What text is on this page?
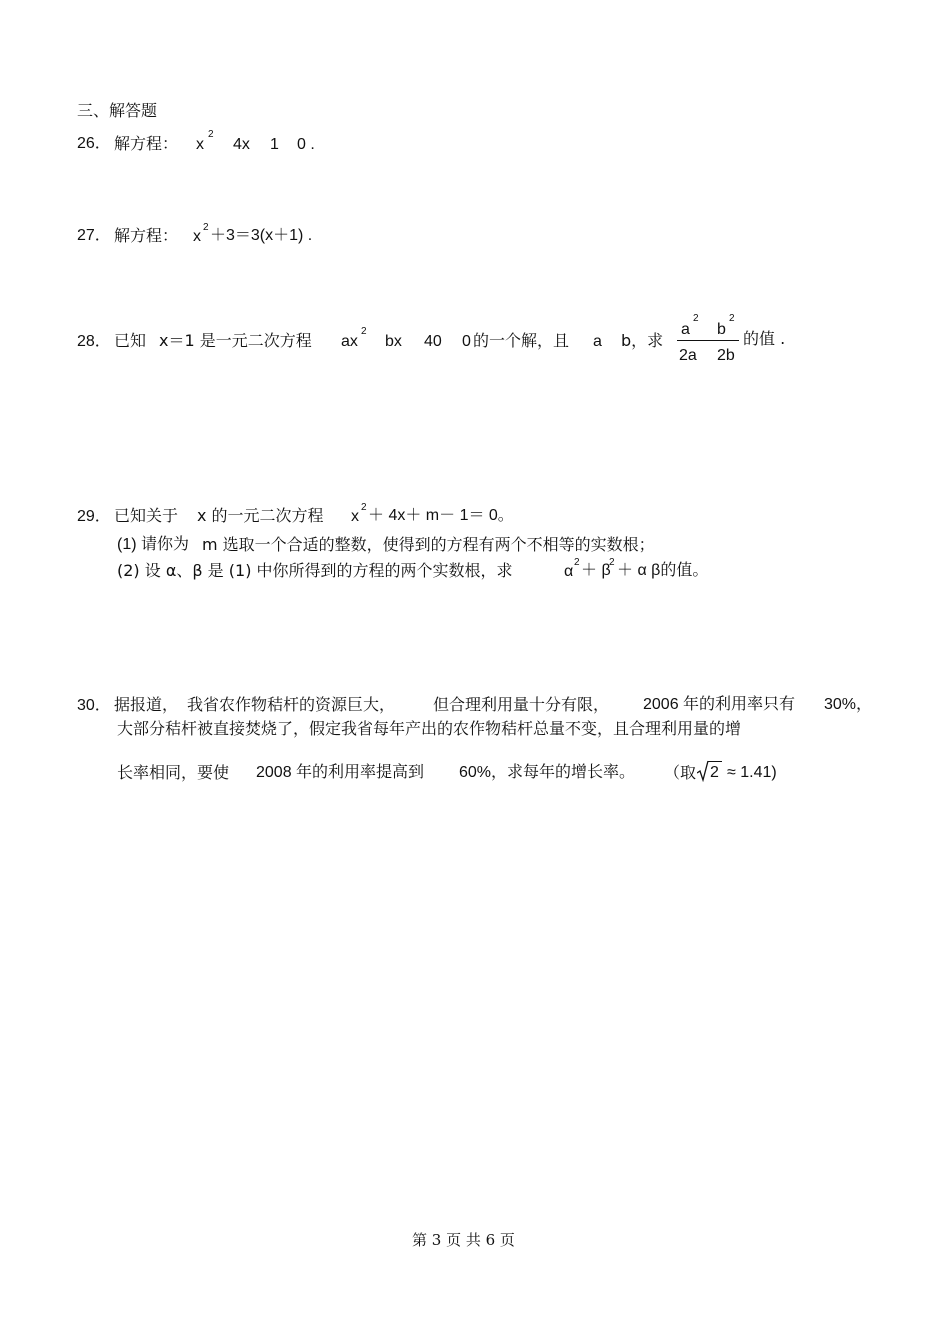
三、解答题
26． 解方程： x
2
4x 1 0 .
27． 解方程： x
2 ＋3＝3(x＋1) .
28． 已知 x＝1 是一元二次方程 ax
2
bx 40 0 的一个解，且 a b，求
a
2
b
2
2a 2b
的值 .
29． 已知关于 x 的一元二次方程 x
2 ＋ 4x＋ m－ 1＝ 0。
(1) 请你为 m 选取一个合适的整数，使得到的方程有两个不相等的实数根；
(2) 设 α、β 是 (1) 中你所得到的方程的两个实数根，求	α
2 ＋ β
2 ＋ α β的值。
30． 据报道， 我省农作物秸杆的资源巨大， 但合理利用量十分有限， 2006 年的利用率只有 30%，
大部分秸杆被直接焚烧了，假定我省每年产出的农作物秸杆总量不变，且合理利用量的增
长率相同，要使 2008 年的利用率提高到 60%，求每年的增长率。 （取 2 ≈ 1.41)
第 3 页 共 6 页
